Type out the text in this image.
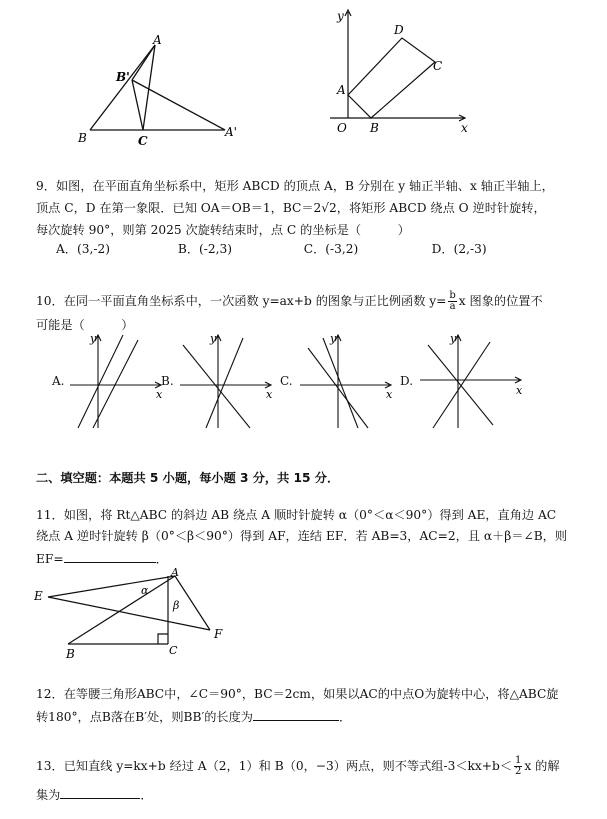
A
B'
B	C
A'
y
D
C
A
O B	x
9．如图，在平面直角坐标系中，矩形 ABCD 的顶点 A，B 分别在 y 轴正半轴、x 轴正半轴上，
顶点 C，D 在第一象限．已知 OA＝OB＝1，BC＝2√2，将矩形 ABCD 绕点 O 逆时针旋转，
每次旋转 90°，则第 2025 次旋转结束时，点 C 的坐标是（　　　）
A．(3,-2)	B．(-2,3)	C．(-3,2)	D．(2,-3)
10．在同一平面直角坐标系中，一次函数 y=ax+b 的图象与正比例函数 $y= \frac{b}{a}$ x 图象的位置不
可能是（　　　）
A.
y
x
B.
y
x
C.
y
x
D.
y
x
二、填空题：本题共 5 小题，每小题 3 分，共 15 分．
11．如图，将 Rt△ABC 的斜边 AB 绕点 A 顺时针旋转 α（0°＜α＜90°）得到 AE，直角边 AC
绕点 A 逆时针旋转 β（0°＜β＜90°）得到 AF，连结 EF．若 AB=3，AC=2，且 α＋β＝∠B，则
EF=	．
E
A
α
β
F
B	C
12．在等腰三角形ABC中，∠C＝90°，BC＝2cm，如果以AC的中点O为旋转中心，将△ABC旋
转180°，点B落在B′处，则BB′的长度为	．
13．已知直线 y=kx+b 经过 A（2，1）和 B（0，−3）两点，则不等式组$-3<kx+b< \frac{1}{2}$ x 的解
集为	．
